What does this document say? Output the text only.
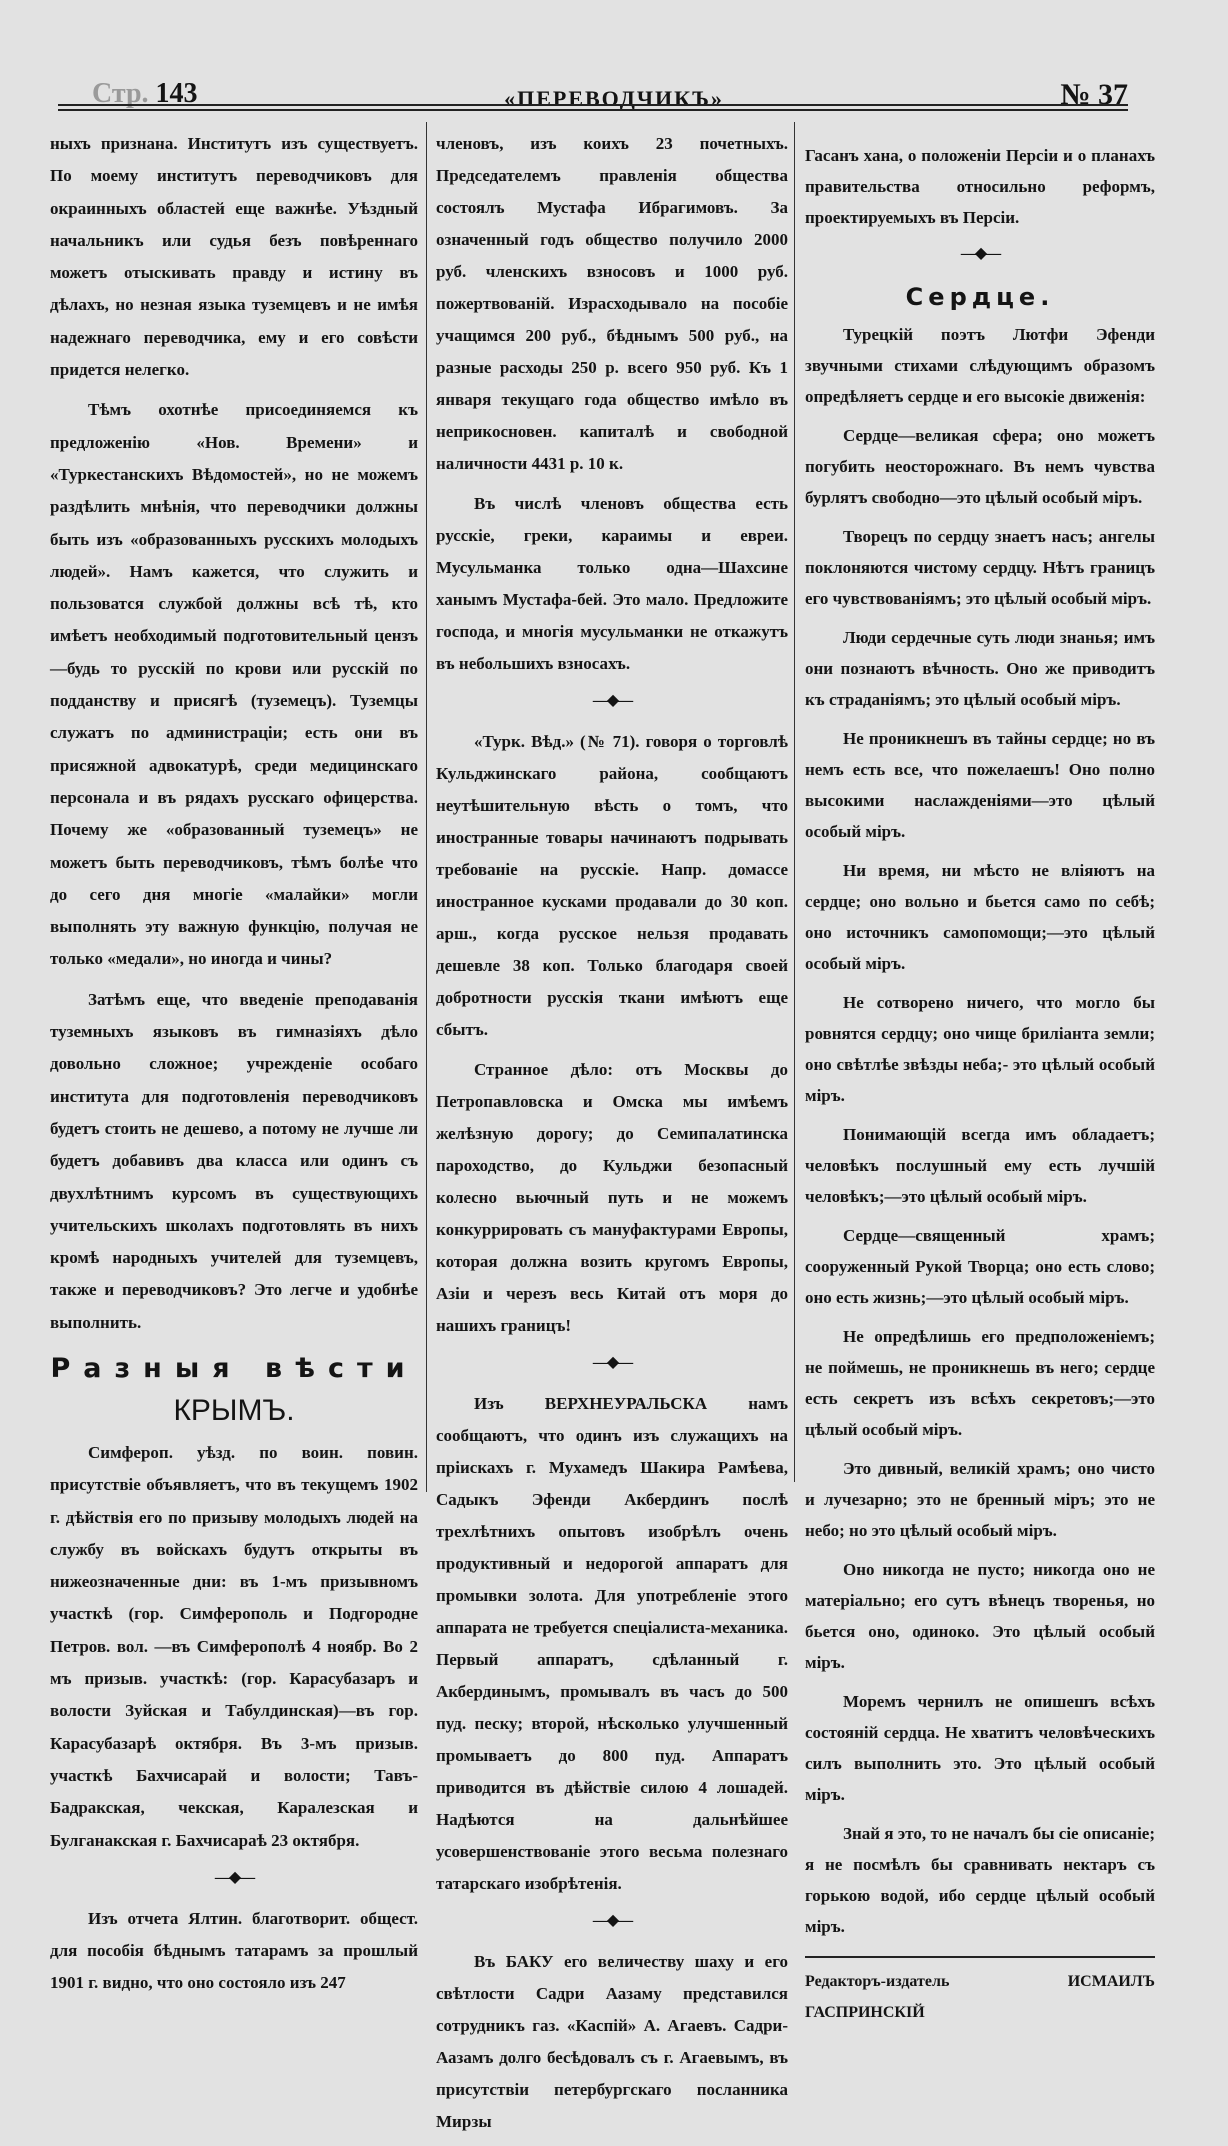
Стр. 143	«ПЕРЕВОДЧИКЪ»	№ 37

ныхъ признана. Институтъ изъ существуетъ. По моему институтъ переводчиковъ для окраинныхъ областей еще важнѣе. Уѣздный начальникъ или судья безъ повѣреннаго можетъ отыскивать правду и истину въ дѣлахъ, но незная языка туземцевъ и не имѣя надежнаго переводчика, ему и его совѣсти придется нелегко.

Тѣмъ охотнѣе присоединяемся къ предложенію «Нов. Времени» и «Туркестанскихъ Вѣдомостей», но не можемъ раздѣлить мнѣнія, что переводчики должны быть изъ «образованныхъ русскихъ молодыхъ людей». Намъ кажется, что служить и пользоватся службой должны всѣ тѣ, кто имѣетъ необходимый подготовительный цензъ—будь то русскій по крови или русскій по подданству и присягѣ (туземецъ). Туземцы служатъ по администраціи; есть они въ присяжной адвокатурѣ, среди медицинскаго персонала и въ рядахъ русскаго офицерства. Почему же «образованный туземецъ» не можетъ быть переводчиковъ, тѣмъ болѣе что до сего дня многіе «малайки» могли выполнять эту важную функцію, получая не только «медали», но иногда и чины?

Затѣмъ еще, что введеніе преподаванія туземныхъ языковъ въ гимназіяхъ дѣло довольно сложное; учрежденіе особаго института для подготовленія переводчиковъ будетъ стоить не дешево, а потому не лучше ли будетъ добавивъ два класса или одинъ съ двухлѣтнимъ курсомъ въ существующихъ учительскихъ школахъ подготовлять въ нихъ кромѣ народныхъ учителей для туземцевъ, также и переводчиковъ? Это легче и удобнѣе выполнить.

Разныя вѣсти
КРЫМЪ.

Симфероп. уѣзд. по воин. повин. присутствіе объявляетъ, что въ текущемъ 1902 г. дѣйствія его по призыву молодыхъ людей на службу въ войскахъ будутъ открыты въ нижеозначенные дни: въ 1-мъ призывномъ участкѣ (гор. Симферополь и Подгородне Петров. вол. —въ Симферополѣ 4 ноябр. Во 2 мъ призыв. участкѣ: (гор. Карасубазаръ и волости Зуйская и Табулдинская)—въ гор. Карасубазарѣ октября. Въ 3-мъ призыв. участкѣ Бахчисарай и волости; Тавъ-Бадракская, чекская, Каралезская и Булганакская г. Бахчисараѣ 23 октября.

—◆—

Изъ отчета Ялтин. благотворит. общест. для пособія бѣднымъ татарамъ за прошлый 1901 г. видно, что оно состояло изъ 247

членовъ, изъ коихъ 23 почетныхъ. Председателемъ правленія общества состоялъ Мустафа Ибрагимовъ. За означенный годъ общество получило 2000 руб. членскихъ взносовъ и 1000 руб. пожертвованій. Израсходывало на пособіе учащимся 200 руб., бѣднымъ 500 руб., на разные расходы 250 р. всего 950 руб. Къ 1 января текущаго года общество имѣло въ неприкосновен. капиталѣ и свободной наличности 4431 р. 10 к.

Въ числѣ членовъ общества есть русскіе, греки, караимы и евреи. Мусульманка только одна—Шахсине ханымъ Мустафа-бей. Это мало. Предложите господа, и многія мусульманки не откажутъ въ небольшихъ взносахъ.

—◆—

«Турк. Вѣд.» (№ 71). говоря о торговлѣ Кульджинскаго района, сообщаютъ неутѣшительную вѣсть о томъ, что иностранные товары начинаютъ подрывать требованіе на русскіе. Напр. домассе иностранное кусками продавали до 30 коп. арш., когда русское нельзя продавать дешевле 38 коп. Только благодаря своей добротности русскія ткани имѣютъ еще сбытъ.

Странное дѣло: отъ Москвы до Петропавловска и Омска мы имѣемъ желѣзную дорогу; до Семипалатинска пароходство, до Кульджи безопасный колесно вьючный путь и не можемъ конкуррировать съ мануфактурами Европы, которая должна возить кругомъ Европы, Азіи и черезъ весь Китай отъ моря до нашихъ границъ!

—◆—

Изъ ВЕРХНЕУРАЛЬСКА намъ сообщаютъ, что одинъ изъ служащихъ на пріискахъ г. Мухамедъ Шакира Рамѣева, Садыкъ Эфенди Акбердинъ послѣ трехлѣтнихъ опытовъ изобрѣлъ очень продуктивный и недорогой аппаратъ для промывки золота. Для употребленіе этого аппарата не требуется спеціалиста-механика. Первый аппаратъ, сдѣланный г. Акбердинымъ, промывалъ въ часъ до 500 пуд. песку; второй, нѣсколько улучшенный промываетъ до 800 пуд. Аппаратъ приводится въ дѣйствіе силою 4 лошадей. Надѣются на дальнѣйшее усовершенствованіе этого весьма полезнаго татарскаго изобрѣтенія.

—◆—

Въ БАКУ его величеству шаху и его свѣтлости Садри Аазаму представился сотрудникъ газ. «Каспій» А. Агаевъ. Садри-Аазамъ долго бесѣдовалъ съ г. Агаевымъ, въ присутствіи петербургскаго посланника Мирзы

Гасанъ хана, о положеніи Персіи и о планахъ правительства относильно реформъ, проектируемыхъ въ Персіи.

—◆—
Сердце.

Турецкій поэтъ Лютфи Эфенди звучными стихами слѣдующимъ образомъ опредѣляетъ сердце и его высокіе движенія:

Сердце—великая сфера; оно можетъ погубить неосторожнаго. Въ немъ чувства бурлятъ свободно—это цѣлый особый міръ.

Творецъ по сердцу знаетъ насъ; ангелы поклоняются чистому сердцу. Нѣтъ границъ его чувствованіямъ; это цѣлый особый міръ.

Люди сердечные суть люди знанья; имъ они познаютъ вѣчность. Оно же приводитъ къ страданіямъ; это цѣлый особый міръ.

Не проникнешъ въ тайны сердце; но въ немъ есть все, что пожелаешъ! Оно полно высокими наслажденіями—это цѣлый особый міръ.

Ни время, ни мѣсто не вліяютъ на сердце; оно вольно и бьется само по себѣ; оно источникъ самопомощи;—это цѣлый особый міръ.

Не сотворено ничего, что могло бы ровнятся сердцу; оно чище бриліанта земли; оно свѣтлѣе звѣзды неба;- это цѣлый особый міръ.

Понимающій всегда имъ обладаетъ; человѣкъ послушный ему есть лучшій человѣкъ;—это цѣлый особый міръ.

Сердце—священный храмъ; сооруженный Рукой Творца; оно есть слово; оно есть жизнь;—это цѣлый особый міръ.

Не опредѣлишь его предположеніемъ; не поймешь, не проникнешь въ него; сердце есть секретъ изъ всѣхъ секретовъ;—это цѣлый особый міръ.

Это дивный, великій храмъ; оно чисто и лучезарно; это не бренный міръ; это не небо; но это цѣлый особый міръ.

Оно никогда не пусто; никогда оно не матеріально; его сутъ вѣнецъ творенья, но бьется оно, одиноко. Это цѣлый особый міръ.

Моремъ чернилъ не опишешъ всѣхъ состояній сердца. Не хватитъ человѣческихъ силъ выполнить это. Это цѣлый особый міръ.

Знай я это, то не началъ бы сіе описаніе; я не посмѣлъ бы сравнивать нектаръ съ горькою водой, ибо сердце цѣлый особый міръ.

Редакторъ-издатель ИСМАИЛЪ ГАСПРИНСКІЙ
